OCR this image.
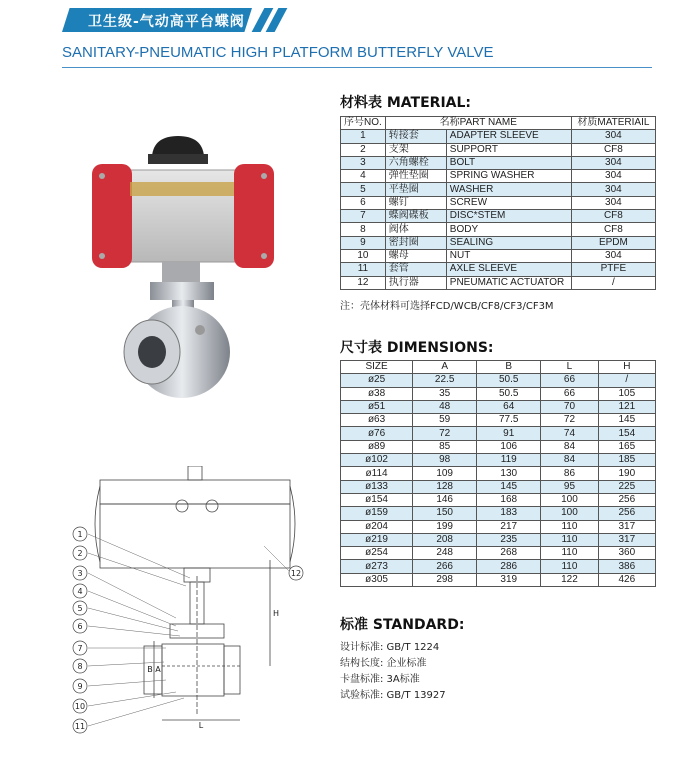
卫生级-气动高平台蝶阀
SANITARY-PNEUMATIC HIGH PLATFORM BUTTERFLY VALVE
1
2
3
4
5
6
7
8
9
10
11
12
H
B A
L
材料表 MATERIAL:
序号NO.	名称PART NAME		材质MATERIAIL
1	转接套	ADAPTER SLEEVE	304
2	支架	SUPPORT	CF8
3	六角螺栓	BOLT	304
4	弹性垫圈	SPRING WASHER	304
5	平垫圈	WASHER	304
6	螺钉	SCREW	304
7	蝶阀碟板	DISC*STEM	CF8
8	阀体	BODY	CF8
9	密封圈	SEALING	EPDM
10	螺母	NUT	304
11	套管	AXLE SLEEVE	PTFE
12	执行器	PNEUMATIC ACTUATOR	/
注：壳体材料可选择FCD/WCB/CF8/CF3/CF3M
尺寸表 DIMENSIONS:
SIZE	A	B	L	H
ø25	22.5	50.5	66	/
ø38	35	50.5	66	105
ø51	48	64	70	121
ø63	59	77.5	72	145
ø76	72	91	74	154
ø89	85	106	84	165
ø102	98	119	84	185
ø114	109	130	86	190
ø133	128	145	95	225
ø154	146	168	100	256
ø159	150	183	100	256
ø204	199	217	110	317
ø219	208	235	110	317
ø254	248	268	110	360
ø273	266	286	110	386
ø305	298	319	122	426
标准 STANDARD:
设计标准: GB/T 1224
结构长度: 企业标准
卡盘标准: 3A标准
试验标准: GB/T 13927
